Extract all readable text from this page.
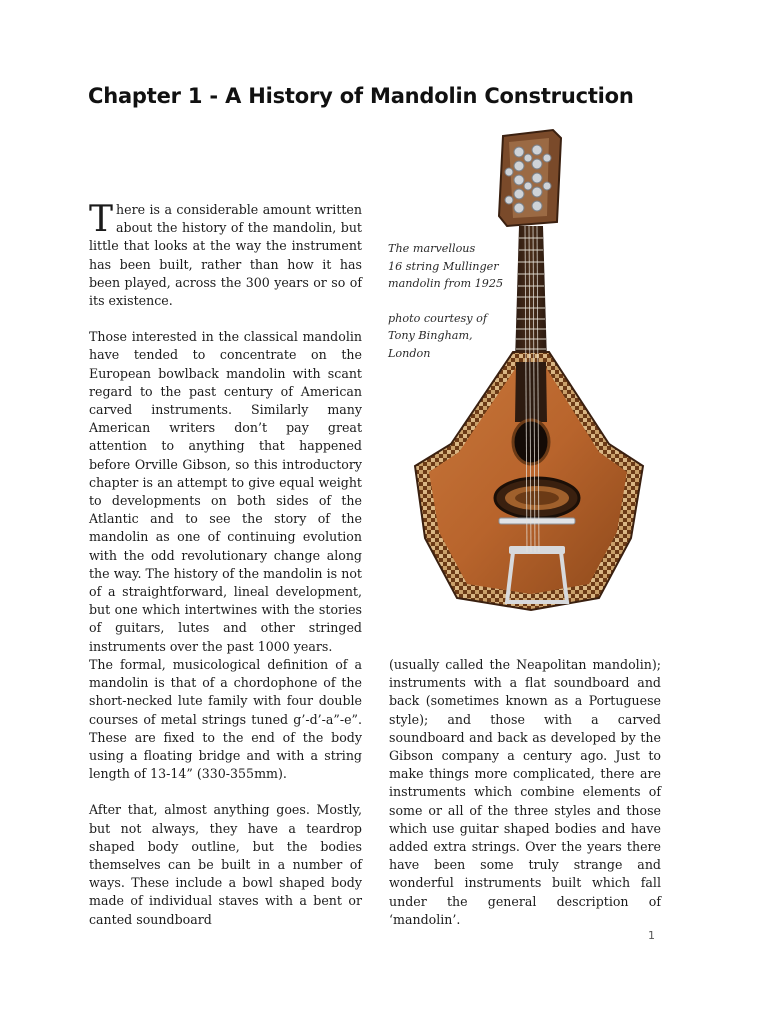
Chapter 1 - A History of Mandolin Construction

There is a considerable amount written about the history of the mandolin, but little that looks at the way the instrument has been built, rather than how it has been played, across the 300 years or so of its existence.

Those interested in the classical mandolin have tended to concentrate on the European bowlback mandolin with scant regard to the past century of American carved instruments. Similarly many American writers don’t pay great attention to anything that happened before Orville Gibson, so this introductory chapter is an attempt to give equal weight to developments on both sides of the Atlantic and to see the story of the mandolin as one of continuing evolution with the odd revolutionary change along the way. The history of the mandolin is not of a straightforward, lineal development, but one which intertwines with the stories of guitars, lutes and other stringed instruments over the past 1000 years.

The marvellous
16 string Mullinger
mandolin from 1925
photo courtesy of
Tony Bingham,
London

The formal, musicological definition of a mandolin is that of a chordophone of the short-necked lute family with four double courses of metal strings tuned g’-d’-a”-e”. These are fixed to the end of the body using a floating bridge and with a string length of 13-14” (330-355mm).

After that, almost anything goes. Mostly, but not always, they have a teardrop shaped body outline, but the bodies themselves can be built in a number of ways. These include a bowl shaped body made of individual staves with a bent or canted soundboard

(usually called the Neapolitan mandolin); instruments with a flat soundboard and back (sometimes known as a Portuguese style); and those with a carved soundboard and back as developed by the Gibson company a century ago. Just to make things more complicated, there are instruments which combine elements of some or all of the three styles and those which use guitar shaped bodies and have added extra strings. Over the years there have been some truly strange and wonderful instruments built which fall under the general description of ‘mandolin’.

1
